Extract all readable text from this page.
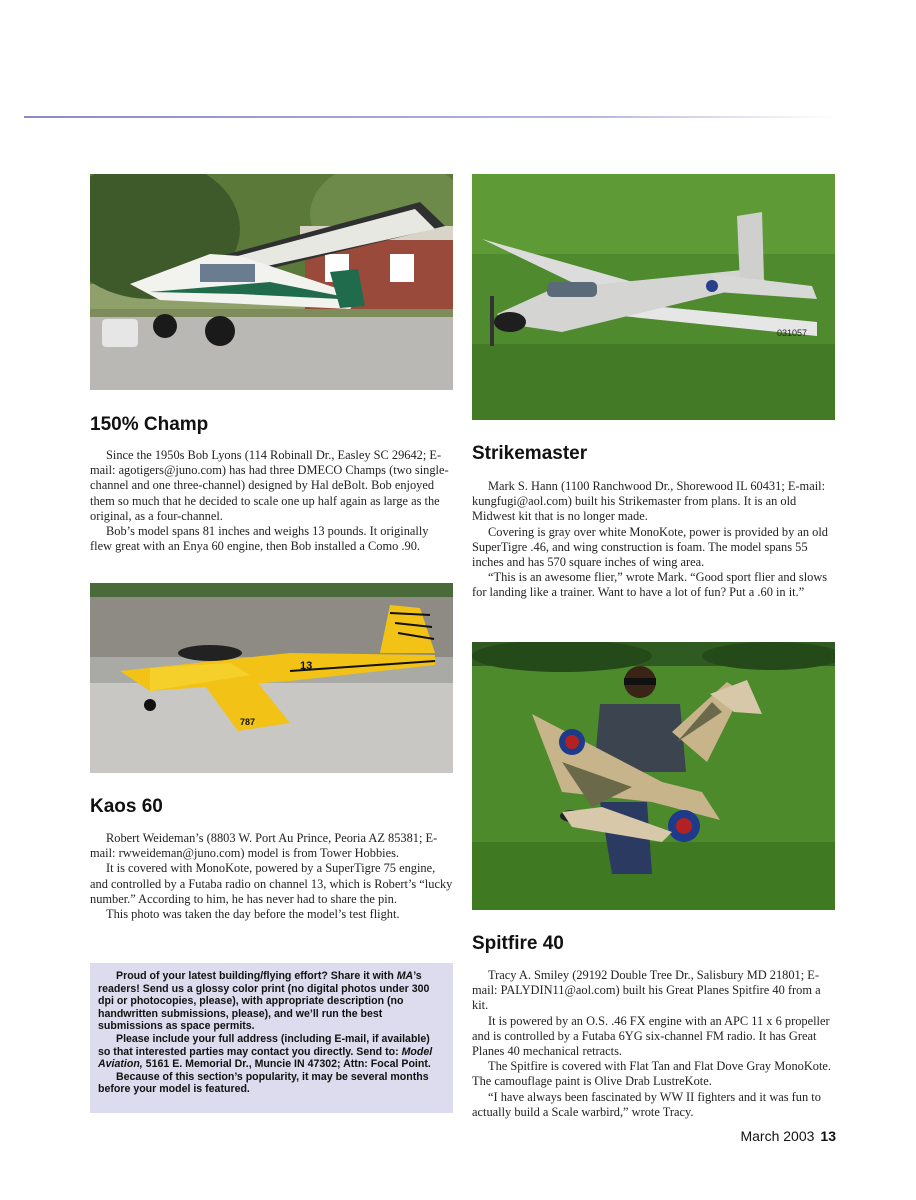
150% Champ

Since the 1950s Bob Lyons (114 Robinall Dr., Easley SC 29642; E-mail: agotigers@juno.com) has had three DMECO Champs (two single-channel and one three-channel) designed by Hal deBolt. Bob enjoyed them so much that he decided to scale one up half again as large as the original, as a four-channel.

Bob’s model spans 81 inches and weighs 13 pounds. It originally flew great with an Enya 60 engine, then Bob installed a Como .90.

031057
Strikemaster

Mark S. Hann (1100 Ranchwood Dr., Shorewood IL 60431; E-mail: kungfugi@aol.com) built his Strikemaster from plans. It is an old Midwest kit that is no longer made.

Covering is gray over white MonoKote, power is provided by an old SuperTigre .46, and wing construction is foam. The model spans 55 inches and has 570 square inches of wing area.

“This is an awesome flier,” wrote Mark. “Good sport flier and slows for landing like a trainer. Want to have a lot of fun? Put a .60 in it.”

13
787
Kaos 60

Robert Weideman’s (8803 W. Port Au Prince, Peoria AZ 85381; E-mail: rwweideman@juno.com) model is from Tower Hobbies.

It is covered with MonoKote, powered by a SuperTigre 75 engine, and controlled by a Futaba radio on channel 13, which is Robert’s “lucky number.” According to him, he has never had to share the pin.

This photo was taken the day before the model’s test flight.

Spitfire 40

Tracy A. Smiley (29192 Double Tree Dr., Salisbury MD 21801; E-mail: PALYDIN11@aol.com) built his Great Planes Spitfire 40 from a kit.

It is powered by an O.S. .46 FX engine with an APC 11 x 6 propeller and is controlled by a Futaba 6YG six-channel FM radio. It has Great Planes 40 mechanical retracts.

The Spitfire is covered with Flat Tan and Flat Dove Gray MonoKote. The camouflage paint is Olive Drab LustreKote.

“I have always been fascinated by WW II fighters and it was fun to actually build a Scale warbird,” wrote Tracy.

Proud of your latest building/flying effort? Share it with MA’s readers! Send us a glossy color print (no digital photos under 300 dpi or photocopies, please), with appropriate description (no handwritten submissions, please), and we’ll run the best submissions as space permits.

Please include your full address (including E-mail, if available) so that interested parties may contact you directly. Send to: Model Aviation, 5161 E. Memorial Dr., Muncie IN 47302; Attn: Focal Point.

Because of this section’s popularity, it may be several months before your model is featured.

March 2003 13
